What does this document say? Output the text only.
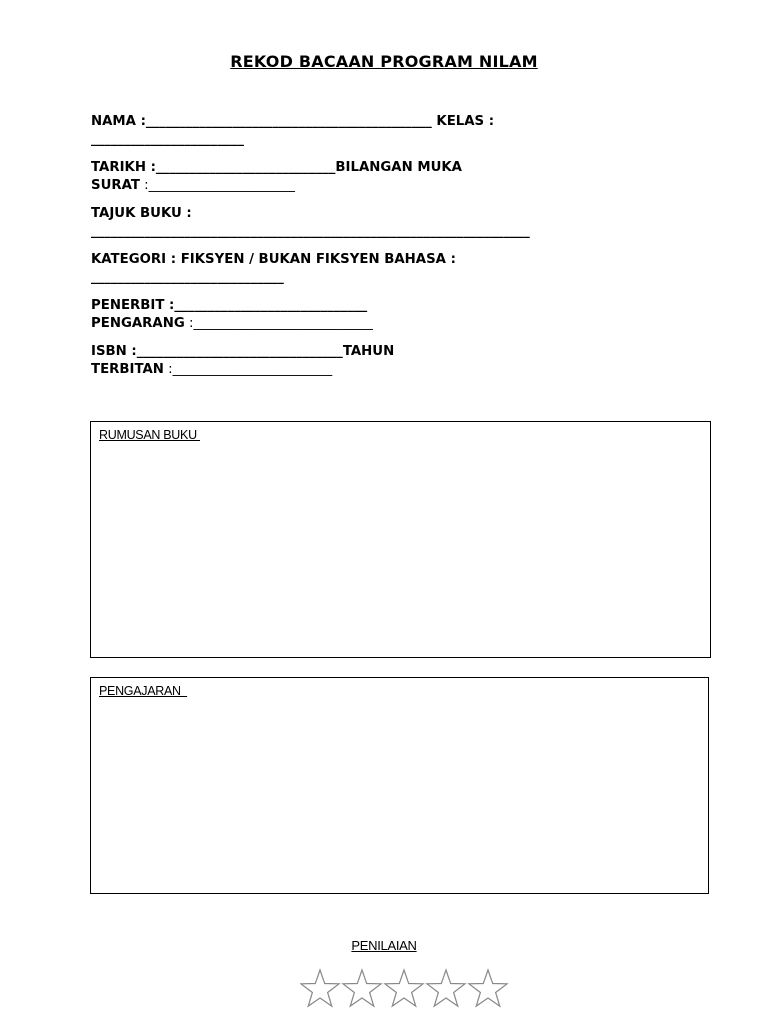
REKOD BACAAN PROGRAM NILAM
NAMA :___________________________________________ KELAS :
_______________________
TARIKH :___________________________BILANGAN MUKA
SURAT :______________________
TAJUK BUKU :
__________________________________________________________________
KATEGORI : FIKSYEN / BUKAN FIKSYEN BAHASA :
_____________________________
PENERBIT :_____________________________
PENGARANG :___________________________
ISBN :_______________________________TAHUN
TERBITAN :________________________
RUMUSAN BUKU
PENGAJARAN
PENILAIAN
